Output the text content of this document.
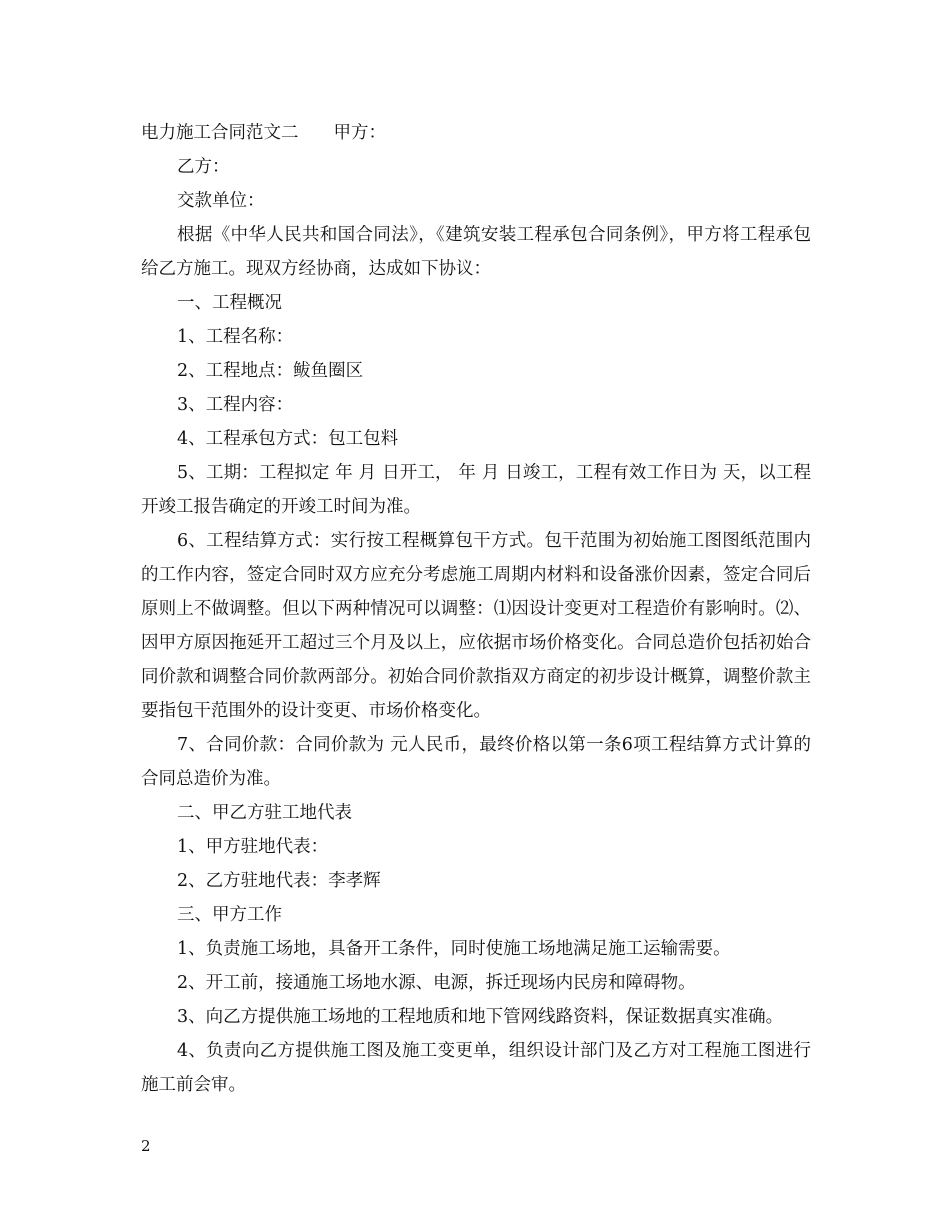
电力施工合同范文二　　甲方：

乙方：

交款单位：

根据《中华人民共和国合同法》，《建筑安装工程承包合同条例》，甲方将工程承包给乙方施工。现双方经协商，达成如下协议：

一、工程概况

1、工程名称：

2、工程地点：鲅鱼圈区

3、工程内容：

4、工程承包方式：包工包料

5、工期：工程拟定 年 月 日开工， 年 月 日竣工，工程有效工作日为 天，以工程开竣工报告确定的开竣工时间为准。

6、工程结算方式：实行按工程概算包干方式。包干范围为初始施工图图纸范围内的工作内容，签定合同时双方应充分考虑施工周期内材料和设备涨价因素，签定合同后原则上不做调整。但以下两种情况可以调整：⑴因设计变更对工程造价有影响时。⑵、因甲方原因拖延开工超过三个月及以上，应依据市场价格变化。合同总造价包括初始合同价款和调整合同价款两部分。初始合同价款指双方商定的初步设计概算，调整价款主要指包干范围外的设计变更、市场价格变化。

7、合同价款：合同价款为 元人民币，最终价格以第一条6项工程结算方式计算的合同总造价为准。

二、甲乙方驻工地代表

1、甲方驻地代表：

2、乙方驻地代表：李孝辉

三、甲方工作

1、负责施工场地，具备开工条件，同时使施工场地满足施工运输需要。

2、开工前，接通施工场地水源、电源，拆迁现场内民房和障碍物。

3、向乙方提供施工场地的工程地质和地下管网线路资料，保证数据真实准确。

4、负责向乙方提供施工图及施工变更单，组织设计部门及乙方对工程施工图进行施工前会审。

2
